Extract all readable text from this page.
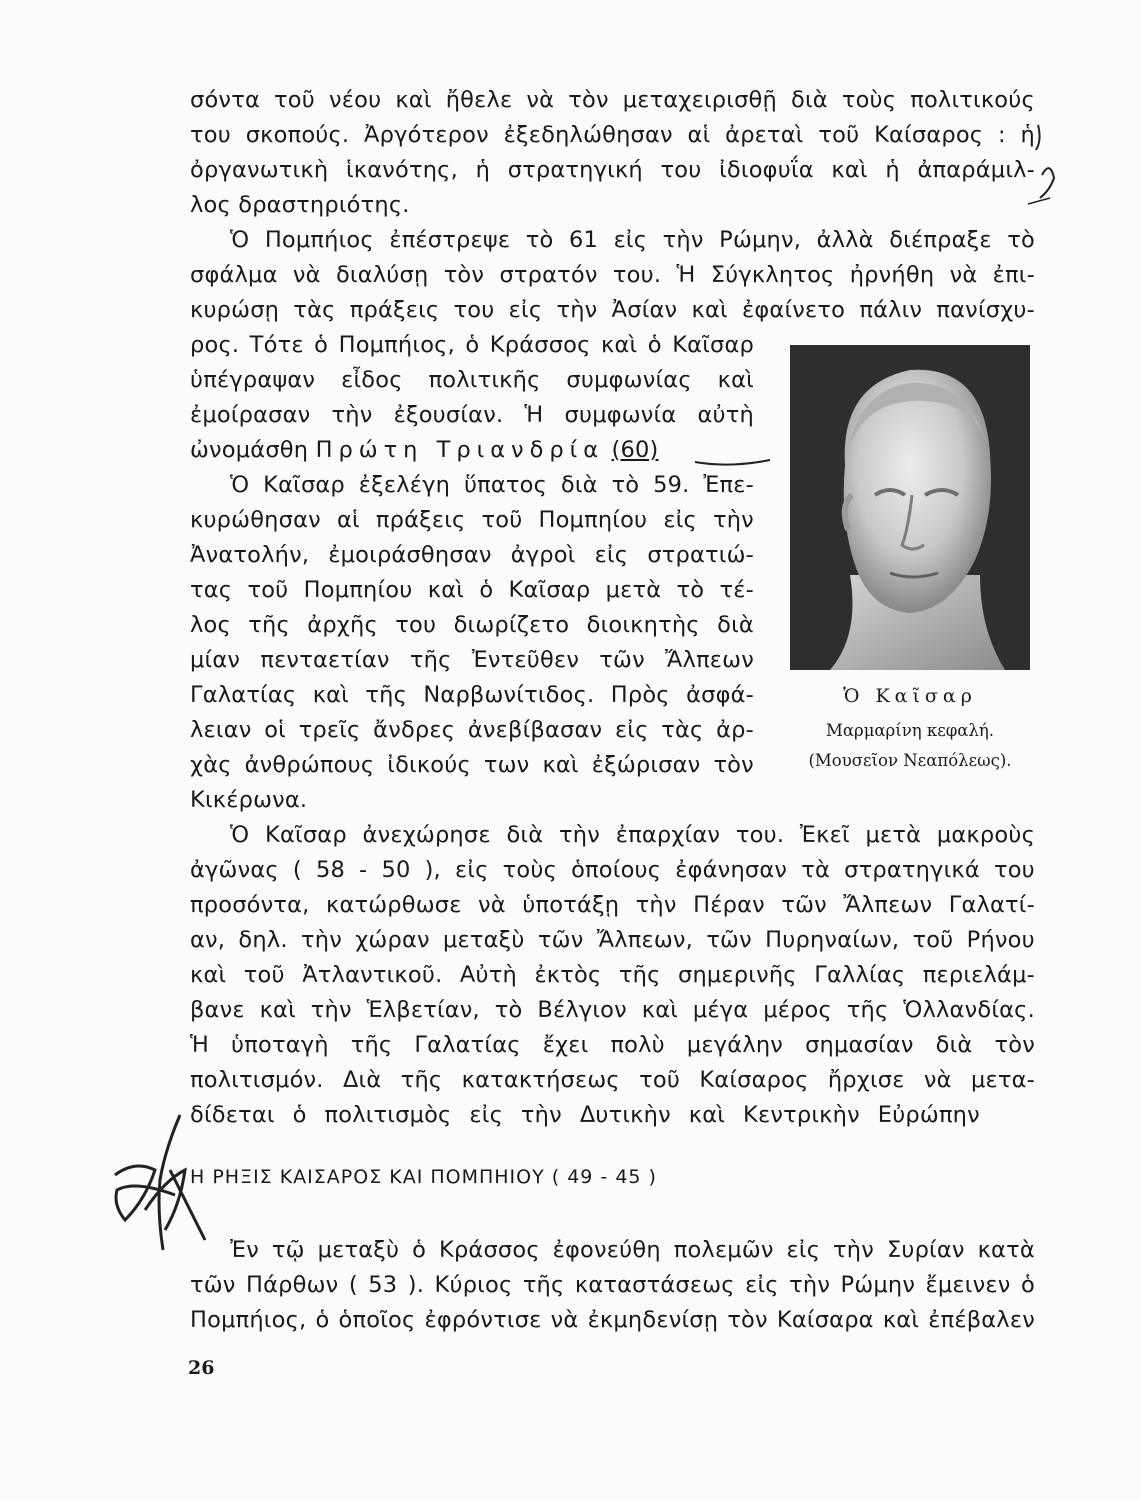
σόντα τοῦ νέου καὶ ἤθελε νὰ τὸν μεταχειρισθῇ διὰ τοὺς πολιτικούς
του σκοπούς. Ἀργότερον ἐξεδηλώθησαν αἱ ἀρεταὶ τοῦ Καίσαρος : ἡ
ὀργανωτικὴ ἱκανότης, ἡ στρατηγική του ἰδιοφυΐα καὶ ἡ ἀπαράμιλ-
λος δραστηριότης.
Ὁ Πομπήιος ἐπέστρεψε τὸ 61 εἰς τὴν Ρώμην, ἀλλὰ διέπραξε τὸ
σφάλμα νὰ διαλύσῃ τὸν στρατόν του. Ἡ Σύγκλητος ἠρνήθη νὰ ἐπι-
κυρώσῃ τὰς πράξεις του εἰς τὴν Ἀσίαν καὶ ἐφαίνετο πάλιν πανίσχυ-
ρος. Τότε ὁ Πομπήιος, ὁ Κράσσος καὶ ὁ Καῖσαρ
ὑπέγραψαν εἶδος πολιτικῆς συμφωνίας καὶ
ἐμοίρασαν τὴν ἐξουσίαν. Ἡ συμφωνία αὐτὴ
ὠνομάσθη Πρώτη Τριανδρία (60)
Ὁ Καῖσαρ ἐξελέγη ὕπατος διὰ τὸ 59. Ἐπε-
κυρώθησαν αἱ πράξεις τοῦ Πομπηίου εἰς τὴν
Ἀνατολήν, ἐμοιράσθησαν ἀγροὶ εἰς στρατιώ-
τας τοῦ Πομπηίου καὶ ὁ Καῖσαρ μετὰ τὸ τέ-
λος τῆς ἀρχῆς του διωρίζετο διοικητὴς διὰ
μίαν πενταετίαν τῆς Ἐντεῦθεν τῶν Ἄλπεων
Γαλατίας καὶ τῆς Ναρβωνίτιδος. Πρὸς ἀσφά-
λειαν οἱ τρεῖς ἄνδρες ἀνεβίβασαν εἰς τὰς ἀρ-
χὰς ἀνθρώπους ἰδικούς των καὶ ἐξώρισαν τὸν
Κικέρωνα.
Ὁ Καῖσαρ
Μαρμαρίνη κεφαλή.
(Μουσεῖον Νεαπόλεως).
Ὁ Καῖσαρ ἀνεχώρησε διὰ τὴν ἐπαρχίαν του. Ἐκεῖ μετὰ μακροὺς
ἀγῶνας ( 58 - 50 ), εἰς τοὺς ὁποίους ἐφάνησαν τὰ στρατηγικά του
προσόντα, κατώρθωσε νὰ ὑποτάξῃ τὴν Πέραν τῶν Ἄλπεων Γαλατί-
αν, δηλ. τὴν χώραν μεταξὺ τῶν Ἄλπεων, τῶν Πυρηναίων, τοῦ Ρήνου
καὶ τοῦ Ἀτλαντικοῦ. Αὐτὴ ἐκτὸς τῆς σημερινῆς Γαλλίας περιελάμ-
βανε καὶ τὴν Ἑλβετίαν, τὸ Βέλγιον καὶ μέγα μέρος τῆς Ὁλλανδίας.
Ἡ ὑποταγὴ τῆς Γαλατίας ἔχει πολὺ μεγάλην σημασίαν διὰ τὸν
πολιτισμόν. Διὰ τῆς κατακτήσεως τοῦ Καίσαρος ἤρχισε νὰ μετα-
δίδεται ὁ πολιτισμὸς εἰς τὴν Δυτικὴν καὶ Κεντρικὴν Εὐρώπην
Η ΡΗΞΙΣ ΚΑΙΣΑΡΟΣ ΚΑΙ ΠΟΜΠΗΙΟΥ ( 49 - 45 )
Ἐν τῷ μεταξὺ ὁ Κράσσος ἐφονεύθη πολεμῶν εἰς τὴν Συρίαν κατὰ
τῶν Πάρθων ( 53 ). Κύριος τῆς καταστάσεως εἰς τὴν Ρώμην ἔμεινεν ὁ
Πομπήιος, ὁ ὁποῖος ἐφρόντισε νὰ ἐκμηδενίσῃ τὸν Καίσαρα καὶ ἐπέβαλεν
26
